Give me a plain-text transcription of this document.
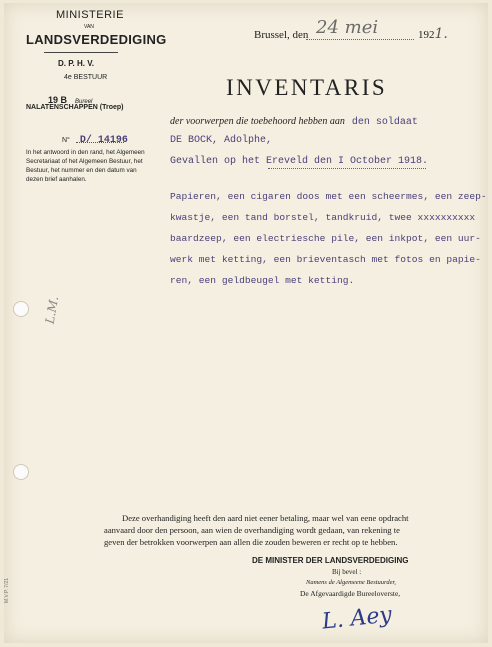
MINISTERIE
VAN
LANDSVERDEDIGING
D. P. H. V.
4e BESTUUR
19 B Bureel
NALATENSCHAPPEN (Troep)
N° D/ 14196
In het antwoord in den rand, het Algemeen Secretariaat of het Algemeen Bestuur, het Bestuur, het nummer en den datum van dezen brief aanhalen.
Brussel, den 24 mei	1921.
INVENTARIS
der voorwerpen die toebehoord hebben aan den soldaat
DE BOCK, Adolphe,
Gevallen op het Ereveld den I October 1918.
Papieren, een cigaren doos met een scheermes, een zeep-
kwastje, een tand borstel, tandkruid, twee xxxxxxxxxx
baardzeep, een electriesche pile, een inkpot, een uur-
werk met ketting, een brieventasch met fotos en papie-
ren, een geldbeugel met ketting.
L.M.
Deze overhandiging heeft den aard niet eener betaling, maar wel van eene opdracht
aanvaard door den persoon, aan wien de overhandiging wordt gedaan, van rekening te
geven der betrokken voorwerpen aan allen die zouden beweren er recht op te hebben.
DE MINISTER DER LANDSVERDEDIGING
Bij bevel :
Namens de Algemeene Bestuurder,
De Afgevaardigde Bureeloverste,
L. Aey
M.V.P. 7/21
